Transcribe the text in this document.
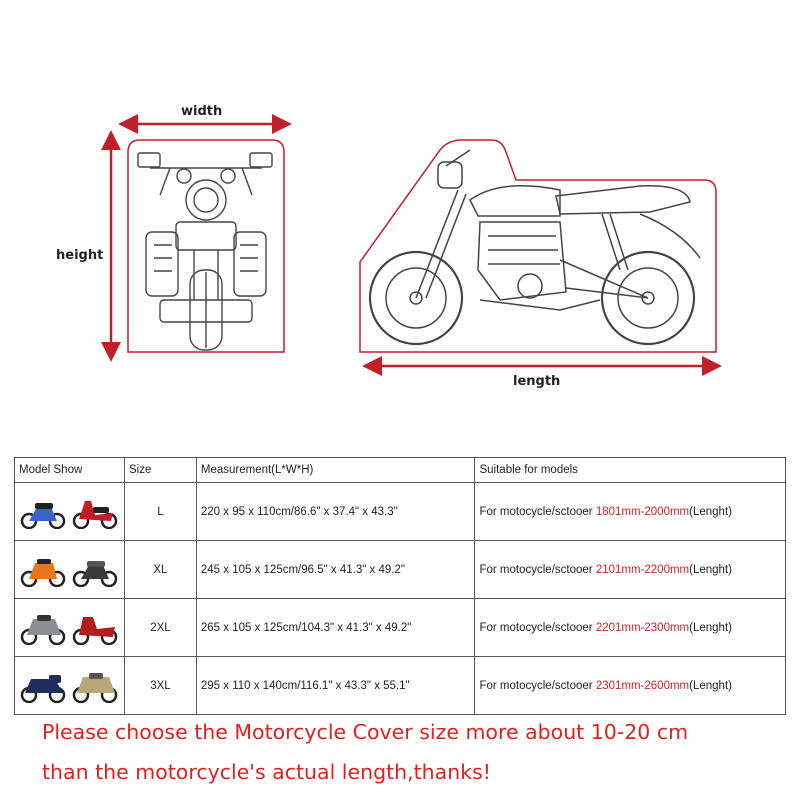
width
height
length
Model Show	Size	Measurement(L*W*H)	Suitable for models

	L	220 x 95 x 110cm/86.6" x 37.4" x 43.3"	For motocycle/sctooer 1801mm-2000mm(Lenght)

	XL	245 x 105 x 125cm/96.5" x 41.3" x 49.2"	For motocycle/sctooer 2101mm-2200mm(Lenght)

	2XL	265 x 105 x 125cm/104.3" x 41.3" x 49.2"	For motocycle/sctooer 2201mm-2300mm(Lenght)

	3XL	295 x 110 x 140cm/116.1" x 43.3" x 55.1"	For motocycle/sctooer 2301mm-2600mm(Lenght)
Please choose the Motorcycle Cover size more about 10-20 cm
than the motorcycle's actual length,thanks!
